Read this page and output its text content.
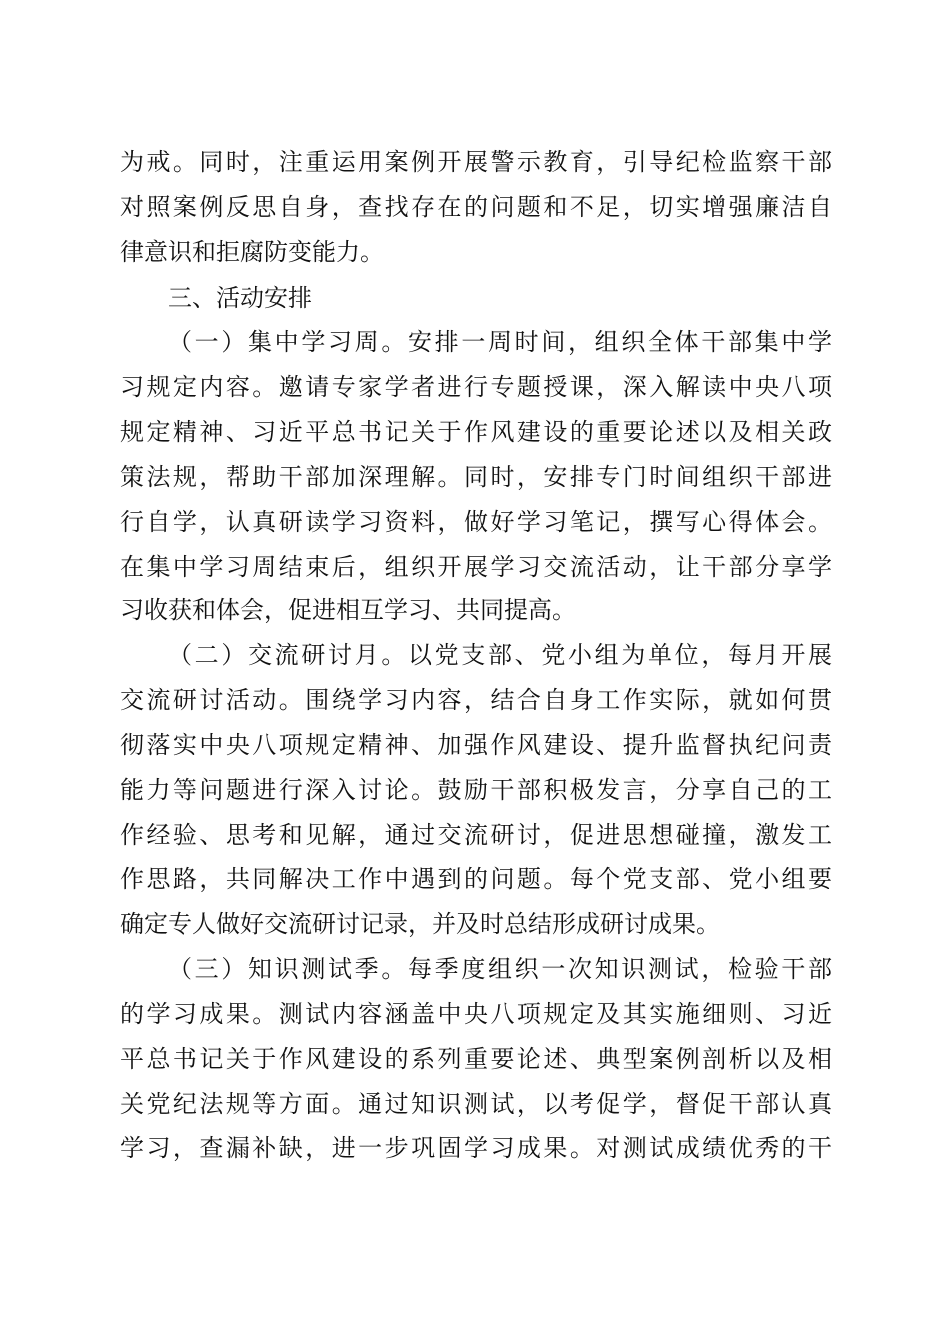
为戒。同时，注重运用案例开展警示教育，引导纪检监察干部
对照案例反思自身，查找存在的问题和不足，切实增强廉洁自
律意识和拒腐防变能力。
三、活动安排
（一）集中学习周。安排一周时间，组织全体干部集中学
习规定内容。邀请专家学者进行专题授课，深入解读中央八项
规定精神、习近平总书记关于作风建设的重要论述以及相关政
策法规，帮助干部加深理解。同时，安排专门时间组织干部进
行自学，认真研读学习资料，做好学习笔记，撰写心得体会。
在集中学习周结束后，组织开展学习交流活动，让干部分享学
习收获和体会，促进相互学习、共同提高。
（二）交流研讨月。以党支部、党小组为单位，每月开展
交流研讨活动。围绕学习内容，结合自身工作实际，就如何贯
彻落实中央八项规定精神、加强作风建设、提升监督执纪问责
能力等问题进行深入讨论。鼓励干部积极发言，分享自己的工
作经验、思考和见解，通过交流研讨，促进思想碰撞，激发工
作思路，共同解决工作中遇到的问题。每个党支部、党小组要
确定专人做好交流研讨记录，并及时总结形成研讨成果。
（三）知识测试季。每季度组织一次知识测试，检验干部
的学习成果。测试内容涵盖中央八项规定及其实施细则、习近
平总书记关于作风建设的系列重要论述、典型案例剖析以及相
关党纪法规等方面。通过知识测试，以考促学，督促干部认真
学习，查漏补缺，进一步巩固学习成果。对测试成绩优秀的干
